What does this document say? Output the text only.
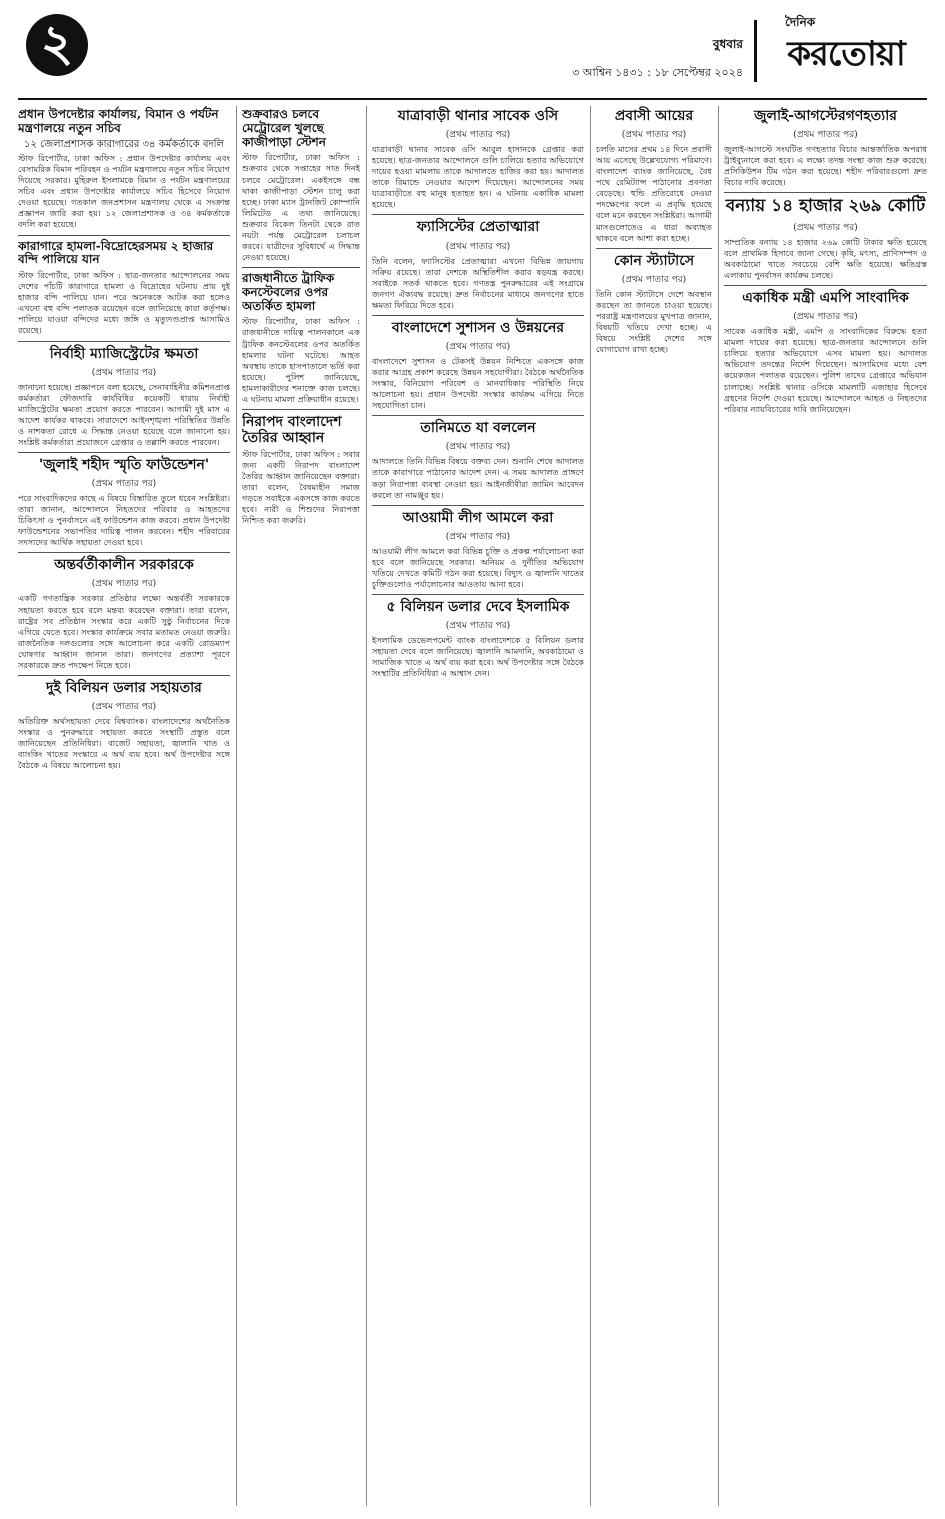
২	বুধবার
৩ আশ্বিন ১৪৩১ : ১৮ সেপ্টেম্বর ২০২৪
দৈনিক
করতোয়া
প্রধান উপদেষ্টার কার্যালয়, বিমান ও পর্যটন মন্ত্রণালয়ে নতুন সচিব
১২ জেলাপ্রশাসক কারাগারের ৩৪ কর্মকর্তাকে বদলি
স্টাফ রিপোর্টার, ঢাকা অফিস : প্রধান উপদেষ্টার কার্যালয় এবং বেসামরিক বিমান পরিবহন ও পর্যটন মন্ত্রণালয়ে নতুন সচিব নিয়োগ দিয়েছে সরকার। মুহিরুল ইসলামকে বিমান ও পর্যটন মন্ত্রণালয়ের সচিব এবং প্রধান উপদেষ্টার কার্যালয়ে সচিব হিসেবে নিয়োগ দেওয়া হয়েছে। গতকাল জনপ্রশাসন মন্ত্রণালয় থেকে এ সংক্রান্ত প্রজ্ঞাপন জারি করা হয়। ১২ জেলাপ্রশাসক ও ৩৪ কর্মকর্তাকে বদলি করা হয়েছে।
কারাগারে হামলা-বিদ্রোহেরসময় ২ হাজার বন্দি পালিয়ে যান
স্টাফ রিপোর্টার, ঢাকা অফিস : ছাত্র-জনতার আন্দোলনের সময় দেশের পাঁচটি কারাগারে হামলা ও বিদ্রোহের ঘটনায় প্রায় দুই হাজার বন্দি পালিয়ে যান। পরে অনেককে আটক করা হলেও এখনো বহু বন্দি পলাতক রয়েছেন বলে জানিয়েছে কারা কর্তৃপক্ষ। পালিয়ে যাওয়া বন্দিদের মধ্যে জঙ্গি ও মৃত্যুদণ্ডপ্রাপ্ত আসামিও রয়েছে।
নির্বাহী ম্যাজিস্ট্রেটের ক্ষমতা
(প্রথম পাতার পর)
জানানো হয়েছে। প্রজ্ঞাপনে বলা হয়েছে, সেনাবাহিনীর কমিশনপ্রাপ্ত কর্মকর্তারা ফৌজদারি কার্যবিধির কয়েকটি ধারায় নির্বাহী ম্যাজিস্ট্রেটের ক্ষমতা প্রয়োগ করতে পারবেন। আগামী দুই মাস এ আদেশ কার্যকর থাকবে। সারাদেশে আইনশৃঙ্খলা পরিস্থিতির উন্নতি ও নাশকতা রোধে এ সিদ্ধান্ত নেওয়া হয়েছে বলে জানানো হয়। সংশ্লিষ্ট কর্মকর্তারা প্রয়োজনে গ্রেপ্তার ও তল্লাশি করতে পারবেন।
'জুলাই শহীদ স্মৃতি ফাউন্ডেশন'
(প্রথম পাতার পর)
পরে সাংবাদিকদের কাছে এ বিষয়ে বিস্তারিত তুলে ধরেন সংশ্লিষ্টরা। তারা জানান, আন্দোলনে নিহতদের পরিবার ও আহতদের চিকিৎসা ও পুনর্বাসনে এই ফাউন্ডেশন কাজ করবে। প্রধান উপদেষ্টা ফাউন্ডেশনের সভাপতির দায়িত্ব পালন করবেন। শহীদ পরিবারের সদস্যদের আর্থিক সহায়তা দেওয়া হবে।
অন্তর্বর্তীকালীন সরকারকে
(প্রথম পাতার পর)
একটি গণতান্ত্রিক সরকার প্রতিষ্ঠার লক্ষ্যে অন্তর্বর্তী সরকারকে সহায়তা করতে হবে বলে মন্তব্য করেছেন বক্তারা। তারা বলেন, রাষ্ট্রের সব প্রতিষ্ঠান সংস্কার করে একটি সুষ্ঠু নির্বাচনের দিকে এগিয়ে যেতে হবে। সংস্কার কার্যক্রমে সবার মতামত নেওয়া জরুরি। রাজনৈতিক দলগুলোর সঙ্গে আলোচনা করে একটি রোডম্যাপ ঘোষণার আহ্বান জানান তারা। জনগণের প্রত্যাশা পূরণে সরকারকে দ্রুত পদক্ষেপ নিতে হবে।
দুই বিলিয়ন ডলার সহায়তার
(প্রথম পাতার পর)
অতিরিক্ত অর্থসহায়তা দেবে বিশ্বব্যাংক। বাংলাদেশের অর্থনৈতিক সংস্কার ও পুনরুদ্ধারে সহায়তা করতে সংস্থাটি প্রস্তুত বলে জানিয়েছেন প্রতিনিধিরা। বাজেট সহায়তা, জ্বালানি খাত ও ব্যাংকিং খাতের সংস্কারে এ অর্থ ব্যয় হবে। অর্থ উপদেষ্টার সঙ্গে বৈঠকে এ বিষয়ে আলোচনা হয়।
শুক্রবারও চলবে মেট্রোরেল খুলছে কাজীপাড়া স্টেশন
স্টাফ রিপোর্টার, ঢাকা অফিস : শুক্রবার থেকে সপ্তাহের সাত দিনই চলবে মেট্রোরেল। একইসঙ্গে বন্ধ থাকা কাজীপাড়া স্টেশন চালু করা হচ্ছে। ঢাকা ম্যাস ট্রানজিট কোম্পানি লিমিটেড এ তথ্য জানিয়েছে। শুক্রবার বিকেল তিনটা থেকে রাত নয়টা পর্যন্ত মেট্রোরেল চলাচল করবে। যাত্রীদের সুবিধার্থে এ সিদ্ধান্ত নেওয়া হয়েছে।
রাজধানীতে ট্রাফিক কনস্টেবলের ওপর অতর্কিত হামলা
স্টাফ রিপোর্টার, ঢাকা অফিস : রাজধানীতে দায়িত্ব পালনকালে এক ট্রাফিক কনস্টেবলের ওপর অতর্কিত হামলার ঘটনা ঘটেছে। আহত অবস্থায় তাকে হাসপাতালে ভর্তি করা হয়েছে। পুলিশ জানিয়েছে, হামলাকারীদের শনাক্তে কাজ চলছে। এ ঘটনায় মামলা প্রক্রিয়াধীন রয়েছে।
নিরাপদ বাংলাদেশ তৈরির আহ্বান
স্টাফ রিপোর্টার, ঢাকা অফিস : সবার জন্য একটি নিরাপদ বাংলাদেশ তৈরির আহ্বান জানিয়েছেন বক্তারা। তারা বলেন, বৈষম্যহীন সমাজ গড়তে সবাইকে একসঙ্গে কাজ করতে হবে। নারী ও শিশুদের নিরাপত্তা নিশ্চিত করা জরুরি।
যাত্রাবাড়ী থানার সাবেক ওসি
(প্রথম পাতার পর)
যাত্রাবাড়ী থানার সাবেক ওসি আবুল হাসানকে গ্রেপ্তার করা হয়েছে। ছাত্র-জনতার আন্দোলনে গুলি চালিয়ে হত্যার অভিযোগে দায়ের হওয়া মামলায় তাকে আদালতে হাজির করা হয়। আদালত তাকে রিমান্ডে নেওয়ার আদেশ দিয়েছেন। আন্দোলনের সময় যাত্রাবাড়ীতে বহু মানুষ হতাহত হন। এ ঘটনায় একাধিক মামলা হয়েছে।
ফ্যাসিস্টের প্রেতাত্মারা
(প্রথম পাতার পর)
তিনি বলেন, ফ্যাসিস্টের প্রেতাত্মারা এখনো বিভিন্ন জায়গায় সক্রিয় রয়েছে। তারা দেশকে অস্থিতিশীল করার ষড়যন্ত্র করছে। সবাইকে সতর্ক থাকতে হবে। গণতন্ত্র পুনরুদ্ধারের এই সংগ্রামে জনগণ ঐক্যবদ্ধ রয়েছে। দ্রুত নির্বাচনের মাধ্যমে জনগণের হাতে ক্ষমতা ফিরিয়ে দিতে হবে।
বাংলাদেশে সুশাসন ও উন্নয়নের
(প্রথম পাতার পর)
বাংলাদেশে সুশাসন ও টেকসই উন্নয়ন নিশ্চিতে একসঙ্গে কাজ করার আগ্রহ প্রকাশ করেছে উন্নয়ন সহযোগীরা। বৈঠকে অর্থনৈতিক সংস্কার, বিনিয়োগ পরিবেশ ও মানবাধিকার পরিস্থিতি নিয়ে আলোচনা হয়। প্রধান উপদেষ্টা সংস্কার কার্যক্রম এগিয়ে নিতে সহযোগিতা চান।
তানিমতে যা বললেন
(প্রথম পাতার পর)
আদালতে তিনি বিভিন্ন বিষয়ে বক্তব্য দেন। শুনানি শেষে আদালত তাকে কারাগারে পাঠানোর আদেশ দেন। এ সময় আদালত প্রাঙ্গণে কড়া নিরাপত্তা ব্যবস্থা নেওয়া হয়। আইনজীবীরা জামিন আবেদন করলে তা নামঞ্জুর হয়।
আওয়ামী লীগ আমলে করা
(প্রথম পাতার পর)
আওয়ামী লীগ আমলে করা বিভিন্ন চুক্তি ও প্রকল্প পর্যালোচনা করা হবে বলে জানিয়েছে সরকার। অনিয়ম ও দুর্নীতির অভিযোগ খতিয়ে দেখতে কমিটি গঠন করা হয়েছে। বিদ্যুৎ ও জ্বালানি খাতের চুক্তিগুলোও পর্যালোচনার আওতায় আনা হবে।
৫ বিলিয়ন ডলার দেবে ইসলামিক
(প্রথম পাতার পর)
ইসলামিক ডেভেলপমেন্ট ব্যাংক বাংলাদেশকে ৫ বিলিয়ন ডলার সহায়তা দেবে বলে জানিয়েছে। জ্বালানি আমদানি, অবকাঠামো ও সামাজিক খাতে এ অর্থ ব্যয় করা হবে। অর্থ উপদেষ্টার সঙ্গে বৈঠকে সংস্থাটির প্রতিনিধিরা এ আশ্বাস দেন।
প্রবাসী আয়ের
(প্রথম পাতার পর)
চলতি মাসের প্রথম ১৪ দিনে প্রবাসী আয় এসেছে উল্লেখযোগ্য পরিমাণে। বাংলাদেশ ব্যাংক জানিয়েছে, বৈধ পথে রেমিট্যান্স পাঠানোর প্রবণতা বেড়েছে। হুন্ডি প্রতিরোধে নেওয়া পদক্ষেপের ফলে এ প্রবৃদ্ধি হয়েছে বলে মনে করছেন সংশ্লিষ্টরা। আগামী মাসগুলোতেও এ ধারা অব্যাহত থাকবে বলে আশা করা হচ্ছে।
কোন স্ট্যাটাসে
(প্রথম পাতার পর)
তিনি কোন স্ট্যাটাসে দেশে অবস্থান করছেন তা জানতে চাওয়া হয়েছে। পররাষ্ট্র মন্ত্রণালয়ের মুখপাত্র জানান, বিষয়টি খতিয়ে দেখা হচ্ছে। এ বিষয়ে সংশ্লিষ্ট দেশের সঙ্গে যোগাযোগ রাখা হচ্ছে।
জুলাই-আগস্টেরগণহত্যার
(প্রথম পাতার পর)
জুলাই-আগস্টে সংঘটিত গণহত্যার বিচার আন্তর্জাতিক অপরাধ ট্রাইব্যুনালে করা হবে। এ লক্ষ্যে তদন্ত সংস্থা কাজ শুরু করেছে। প্রসিকিউশন টিম গঠন করা হয়েছে। শহীদ পরিবারগুলো দ্রুত বিচার দাবি করেছে।
বন্যায় ১৪ হাজার ২৬৯ কোটি
(প্রথম পাতার পর)
সাম্প্রতিক বন্যায় ১৪ হাজার ২৬৯ কোটি টাকার ক্ষতি হয়েছে বলে প্রাথমিক হিসাবে জানা গেছে। কৃষি, মৎস্য, প্রাণিসম্পদ ও অবকাঠামো খাতে সবচেয়ে বেশি ক্ষতি হয়েছে। ক্ষতিগ্রস্ত এলাকায় পুনর্বাসন কার্যক্রম চলছে।
একাধিক মন্ত্রী এমপি সাংবাদিক
(প্রথম পাতার পর)
সাবেক একাধিক মন্ত্রী, এমপি ও সাংবাদিকের বিরুদ্ধে হত্যা মামলা দায়ের করা হয়েছে। ছাত্র-জনতার আন্দোলনে গুলি চালিয়ে হত্যার অভিযোগে এসব মামলা হয়। আদালত অভিযোগ তদন্তের নির্দেশ দিয়েছেন। আসামিদের মধ্যে বেশ কয়েকজন পলাতক রয়েছেন। পুলিশ তাদের গ্রেপ্তারে অভিযান চালাচ্ছে। সংশ্লিষ্ট থানার ওসিকে মামলাটি এজাহার হিসেবে গ্রহণের নির্দেশ দেওয়া হয়েছে। আন্দোলনে আহত ও নিহতদের পরিবার ন্যায়বিচারের দাবি জানিয়েছেন।
